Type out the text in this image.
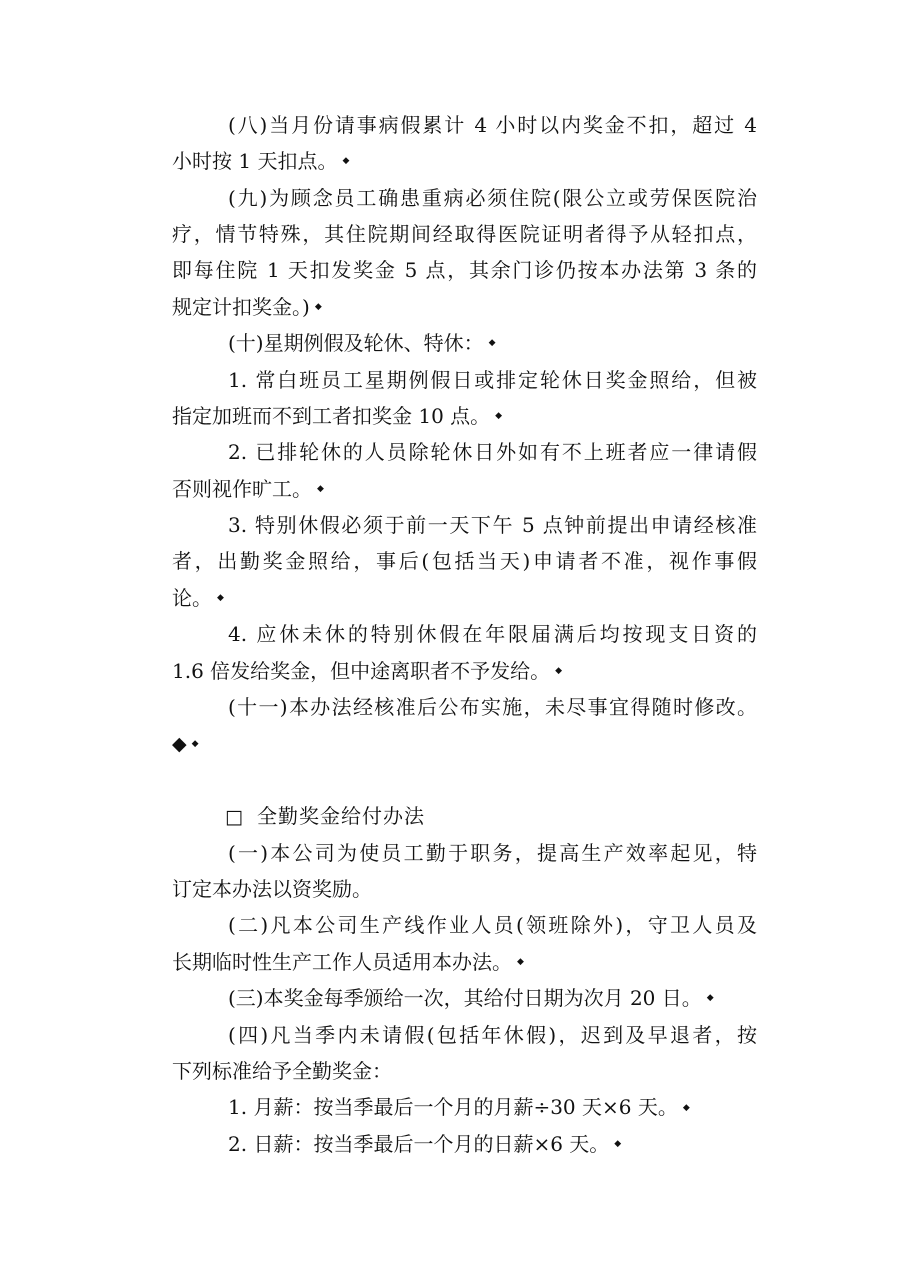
(八)当月份请事病假累计 4 小时以内奖金不扣，超过 4
小时按 1 天扣点。 ◆
(九)为顾念员工确患重病必须住院(限公立或劳保医院治
疗，情节特殊，其住院期间经取得医院证明者得予从轻扣点，
即每住院 1 天扣发奖金 5 点，其余门诊仍按本办法第 3 条的
规定计扣奖金。) ◆
(十)星期例假及轮休、特休： ◆
1. 常白班员工星期例假日或排定轮休日奖金照给，但被
指定加班而不到工者扣奖金 10 点。 ◆
2. 已排轮休的人员除轮休日外如有不上班者应一律请假
否则视作旷工。 ◆
3. 特别休假必须于前一天下午 5 点钟前提出申请经核准
者，出勤奖金照给，事后(包括当天)申请者不准，视作事假
论。 ◆
4. 应休未休的特别休假在年限届满后均按现支日资的
1.6 倍发给奖金，但中途离职者不予发给。 ◆
(十一)本办法经核准后公布实施，未尽事宜得随时修改。
◆ ◆
□ 全勤奖金给付办法
(一)本公司为使员工勤于职务，提高生产效率起见，特
订定本办法以资奖励。
(二)凡本公司生产线作业人员(领班除外)，守卫人员及
长期临时性生产工作人员适用本办法。 ◆
(三)本奖金每季颁给一次，其给付日期为次月 20 日。 ◆
(四)凡当季内未请假(包括年休假)，迟到及早退者，按
下列标准给予全勤奖金：
1. 月薪：按当季最后一个月的月薪÷30 天×6 天。 ◆
2. 日薪：按当季最后一个月的日薪×6 天。 ◆
